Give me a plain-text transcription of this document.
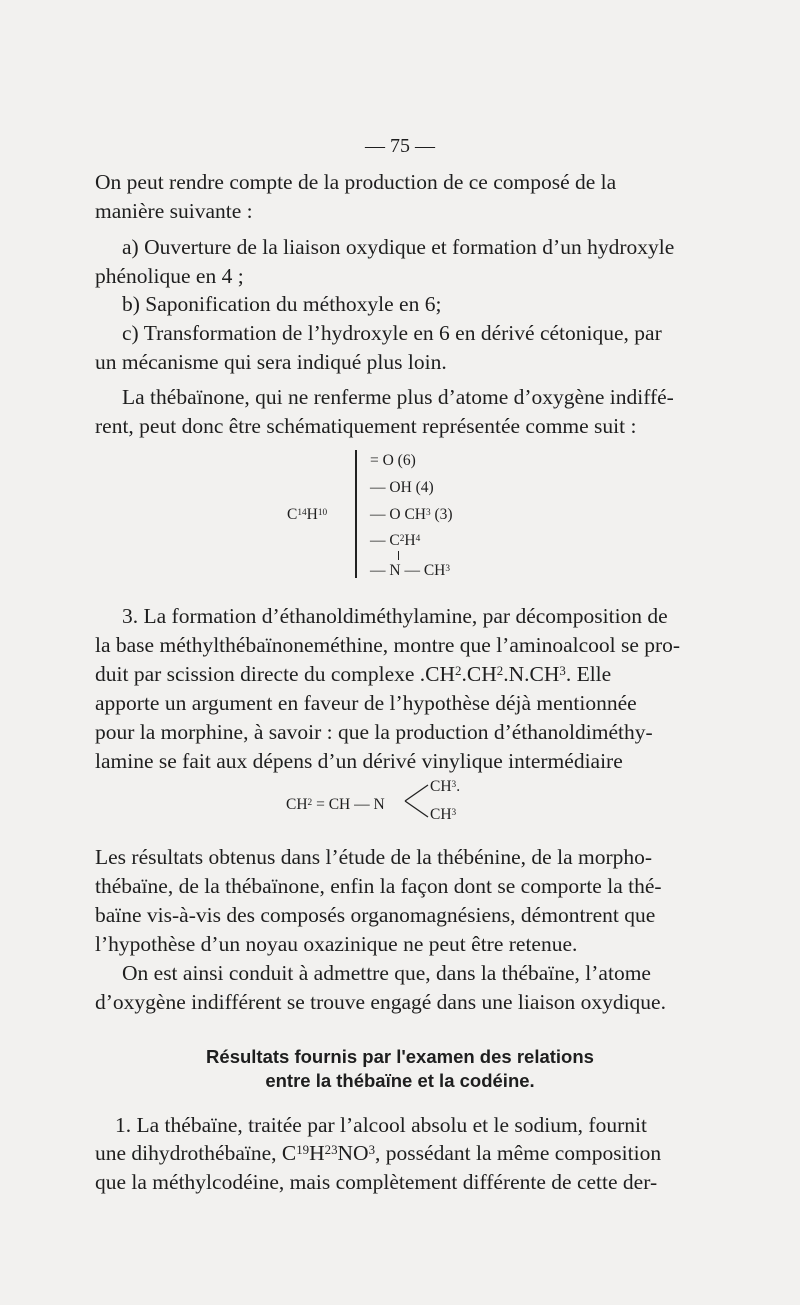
— 75 —
On peut rendre compte de la production de ce composé de la
manière suivante :
a) Ouverture de la liaison oxydique et formation d’un hydroxyle
phénolique en 4 ;
b) Saponification du méthoxyle en 6;
c) Transformation de l’hydroxyle en 6 en dérivé cétonique, par
un mécanisme qui sera indiqué plus loin.
La thébaïnone, qui ne renferme plus d’atome d’oxygène indiffé-
rent, peut donc être schématiquement représentée comme suit :
$C^{14}H^{10}$
= O (6)
— OH (4)
— O $CH^3$ (3)
— $C^2H^4$
— N — $CH^3$
3. La formation d’éthanoldiméthylamine, par décomposition de
la base méthylthébaïnoneméthine, montre que l’aminoalcool se pro-
duit par scission directe du complexe $.CH^2.CH^2.N.CH^3$. Elle
apporte un argument en faveur de l’hypothèse déjà mentionnée
pour la morphine, à savoir : que la production d’éthanoldiméthy-
lamine se fait aux dépens d’un dérivé vinylique intermédiaire
$CH^2$ = CH — N
$CH^3$.
$CH^3$
Les résultats obtenus dans l’étude de la thébénine, de la morpho-
thébaïne, de la thébaïnone, enfin la façon dont se comporte la thé-
baïne vis-à-vis des composés organomagnésiens, démontrent que
l’hypothèse d’un noyau oxazinique ne peut être retenue.
On est ainsi conduit à admettre que, dans la thébaïne, l’atome
d’oxygène indifférent se trouve engagé dans une liaison oxydique.
Résultats fournis par l'examen des relations
entre la thébaïne et la codéine.
1. La thébaïne, traitée par l’alcool absolu et le sodium, fournit
une dihydrothébaïne, $C^{19}H^{23}NO^3$, possédant la même composition
que la méthylcodéine, mais complètement différente de cette der-
